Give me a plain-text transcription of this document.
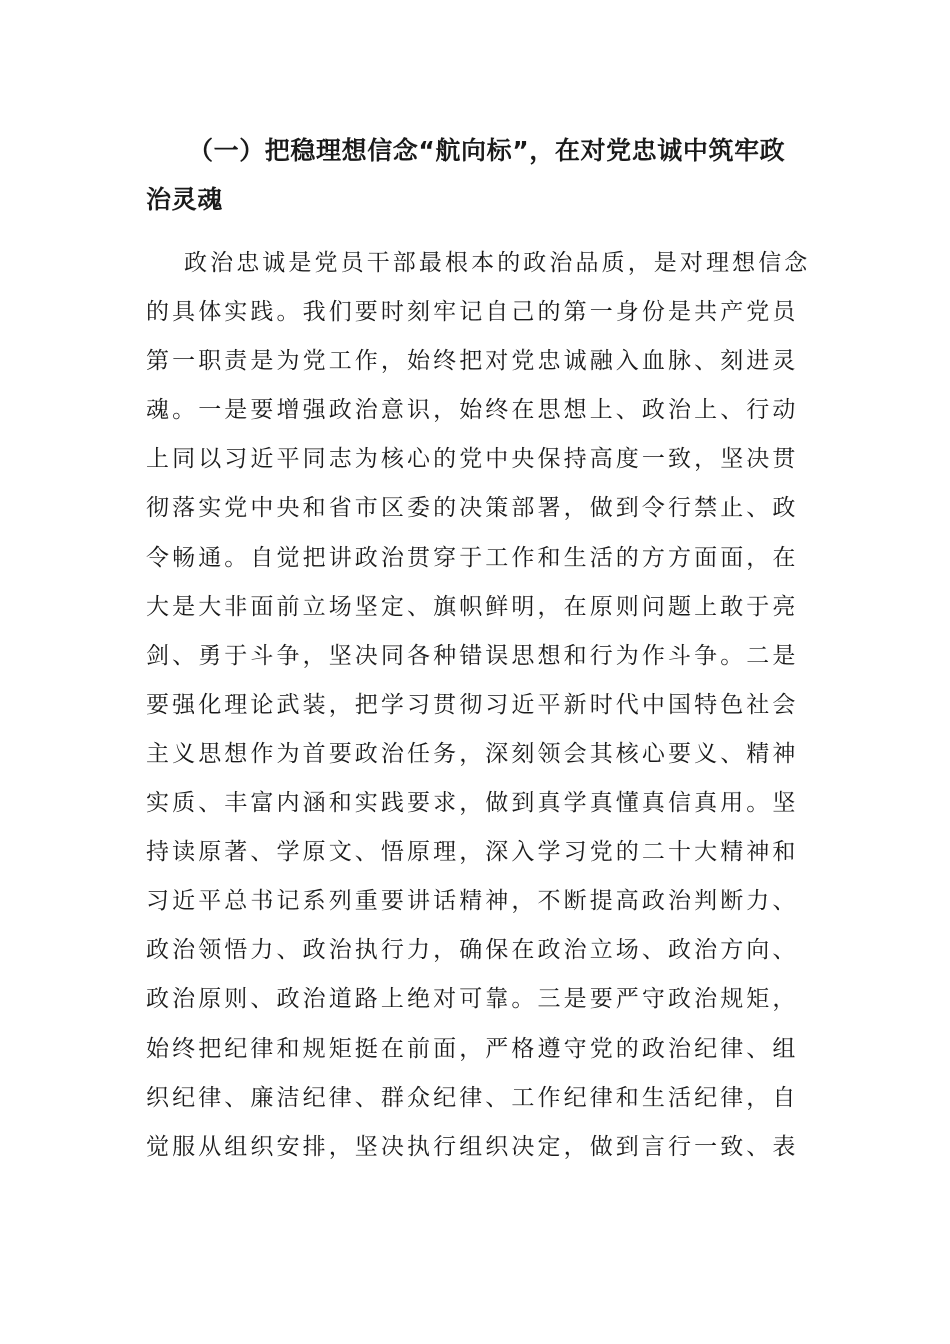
（一）把稳理想信念“航向标”，在对党忠诚中筑牢政
治灵魂

政治忠诚是党员干部最根本的政治品质，是对理想信念
的具体实践。我们要时刻牢记自己的第一身份是共产党员
第一职责是为党工作，始终把对党忠诚融入血脉、刻进灵
魂。一是要增强政治意识，始终在思想上、政治上、行动
上同以习近平同志为核心的党中央保持高度一致，坚决贯
彻落实党中央和省市区委的决策部署，做到令行禁止、政
令畅通。自觉把讲政治贯穿于工作和生活的方方面面，在
大是大非面前立场坚定、旗帜鲜明，在原则问题上敢于亮
剑、勇于斗争，坚决同各种错误思想和行为作斗争。二是
要强化理论武装，把学习贯彻习近平新时代中国特色社会
主义思想作为首要政治任务，深刻领会其核心要义、精神
实质、丰富内涵和实践要求，做到真学真懂真信真用。坚
持读原著、学原文、悟原理，深入学习党的二十大精神和
习近平总书记系列重要讲话精神，不断提高政治判断力、
政治领悟力、政治执行力，确保在政治立场、政治方向、
政治原则、政治道路上绝对可靠。三是要严守政治规矩，
始终把纪律和规矩挺在前面，严格遵守党的政治纪律、组
织纪律、廉洁纪律、群众纪律、工作纪律和生活纪律，自
觉服从组织安排，坚决执行组织决定，做到言行一致、表
